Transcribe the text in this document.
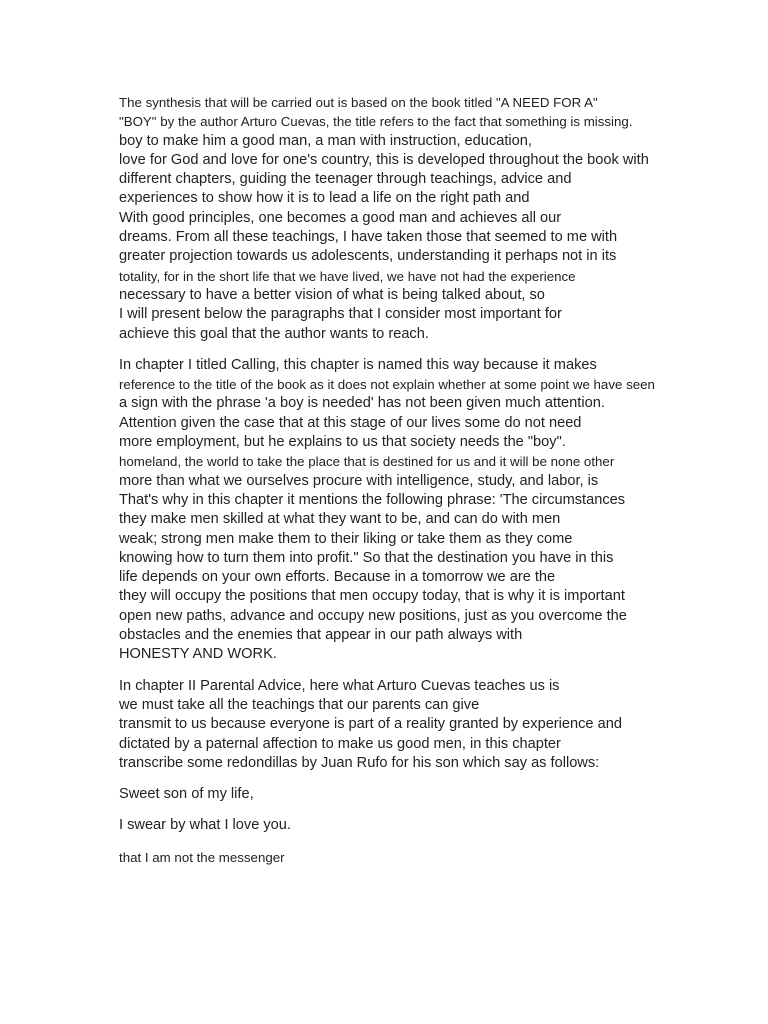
The synthesis that will be carried out is based on the book titled "A NEED FOR A"
"BOY" by the author Arturo Cuevas, the title refers to the fact that something is missing.
boy to make him a good man, a man with instruction, education,
love for God and love for one's country, this is developed throughout the book with
different chapters, guiding the teenager through teachings, advice and
experiences to show how it is to lead a life on the right path and
With good principles, one becomes a good man and achieves all our
dreams. From all these teachings, I have taken those that seemed to me with
greater projection towards us adolescents, understanding it perhaps not in its
totality, for in the short life that we have lived, we have not had the experience
necessary to have a better vision of what is being talked about, so
I will present below the paragraphs that I consider most important for
achieve this goal that the author wants to reach.
In chapter I titled Calling, this chapter is named this way because it makes
reference to the title of the book as it does not explain whether at some point we have seen
a sign with the phrase 'a boy is needed' has not been given much attention.
Attention given the case that at this stage of our lives some do not need
more employment, but he explains to us that society needs the "boy".
homeland, the world to take the place that is destined for us and it will be none other
more than what we ourselves procure with intelligence, study, and labor, is
That's why in this chapter it mentions the following phrase: 'The circumstances
they make men skilled at what they want to be, and can do with men
weak; strong men make them to their liking or take them as they come
knowing how to turn them into profit." So that the destination you have in this
life depends on your own efforts. Because in a tomorrow we are the
they will occupy the positions that men occupy today, that is why it is important
open new paths, advance and occupy new positions, just as you overcome the
obstacles and the enemies that appear in our path always with
HONESTY AND WORK.
In chapter II Parental Advice, here what Arturo Cuevas teaches us is
we must take all the teachings that our parents can give
transmit to us because everyone is part of a reality granted by experience and
dictated by a paternal affection to make us good men, in this chapter
transcribe some redondillas by Juan Rufo for his son which say as follows:
Sweet son of my life,
I swear by what I love you.
that I am not the messenger
